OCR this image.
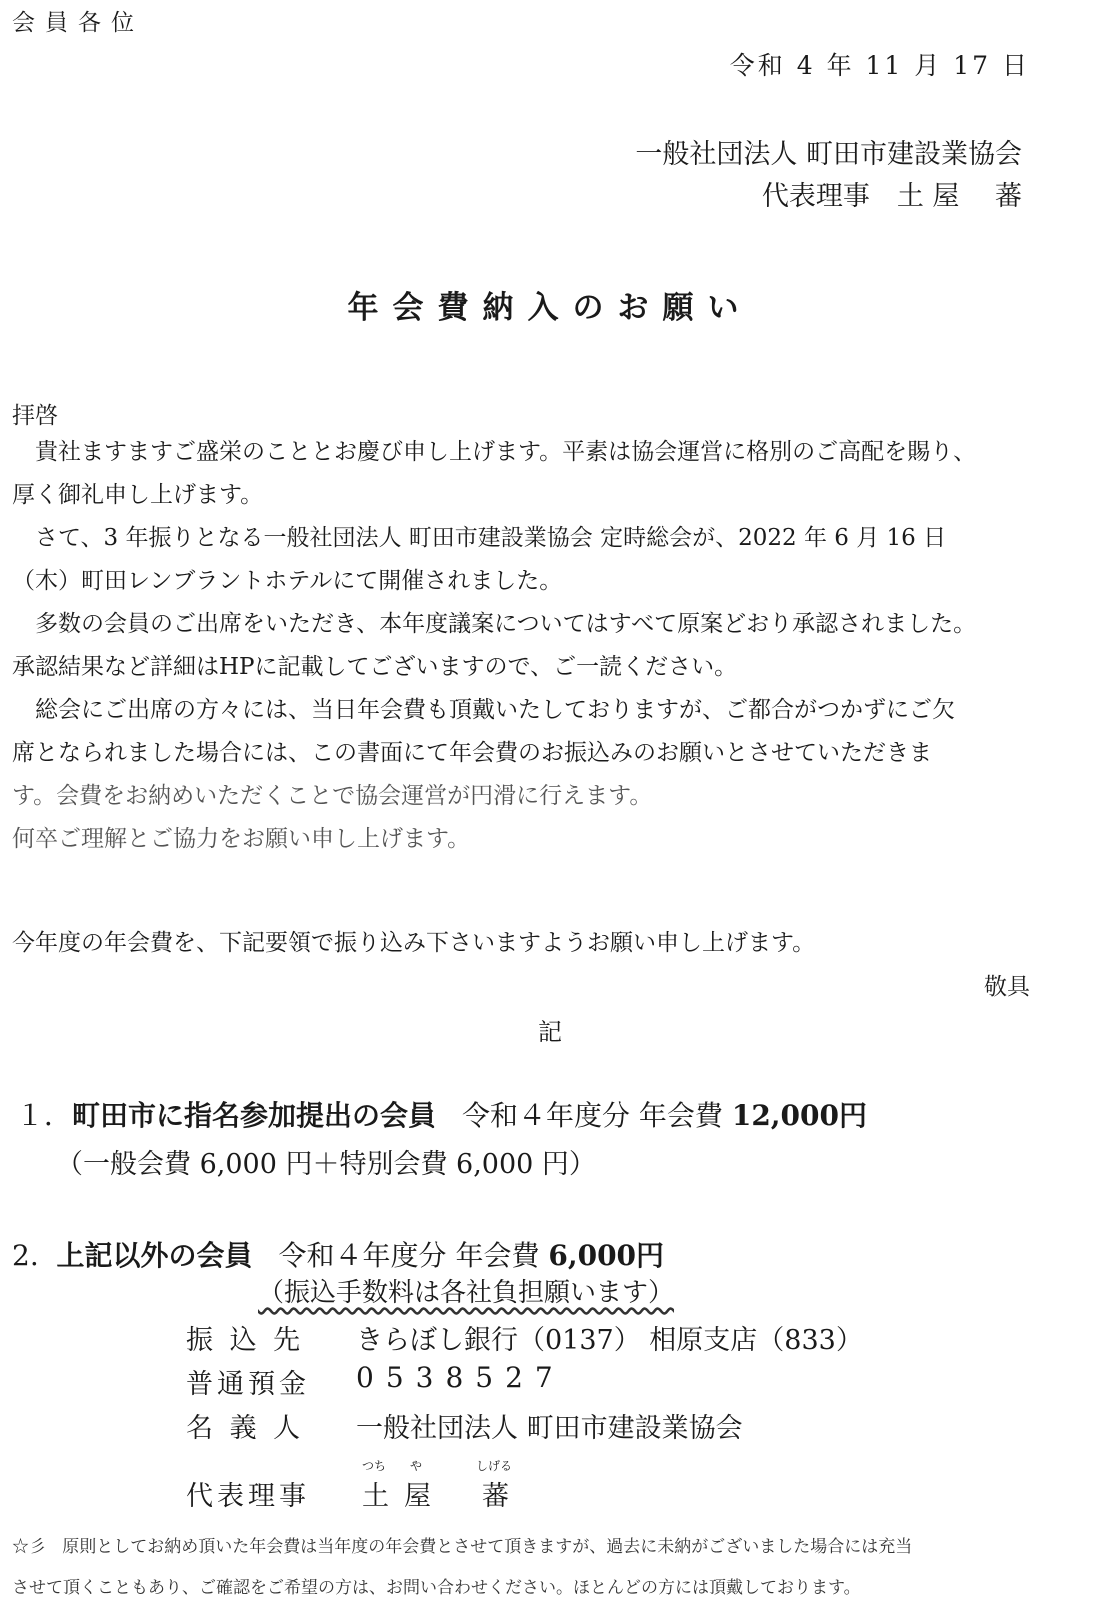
会員各位
令和 4 年 11 月 17 日
一般社団法人 町田市建設業協会
代表理事　土 屋　 蕃
年会費納入のお願い
拝啓
　貴社ますますご盛栄のこととお慶び申し上げます。平素は協会運営に格別のご高配を賜り、
厚く御礼申し上げます。
　さて、3 年振りとなる一般社団法人 町田市建設業協会 定時総会が、2022 年 6 月 16 日
（木）町田レンブラントホテルにて開催されました。
　多数の会員のご出席をいただき、本年度議案についてはすべて原案どおり承認されました。
承認結果など詳細はHPに記載してございますので、ご一読ください。
　総会にご出席の方々には、当日年会費も頂戴いたしておりますが、ご都合がつかずにご欠
席となられました場合には、この書面にて年会費のお振込みのお願いとさせていただきま
す。会費をお納めいただくことで協会運営が円滑に行えます。
何卒ご理解とご協力をお願い申し上げます。
今年度の年会費を、下記要領で振り込み下さいますようお願い申し上げます。
敬具
記
１．町田市に指名参加提出の会員 令和４年度分 年会費 12,000円
（一般会費 6,000 円＋特別会費 6,000 円）
2. 上記以外の会員 令和４年度分 年会費 6,000円
（振込手数料は各社負担願います）
振 込 先 きらぼし銀行（0137） 相原支店（833）
普通預金 0538527
名 義 人 一般社団法人 町田市建設業協会
代表理事
つち や	しげる
土 屋 蕃
☆彡 原則としてお納め頂いた年会費は当年度の年会費とさせて頂きますが、過去に未納がございました場合には充当
させて頂くこともあり、ご確認をご希望の方は、お問い合わせください。ほとんどの方には頂戴しております。
